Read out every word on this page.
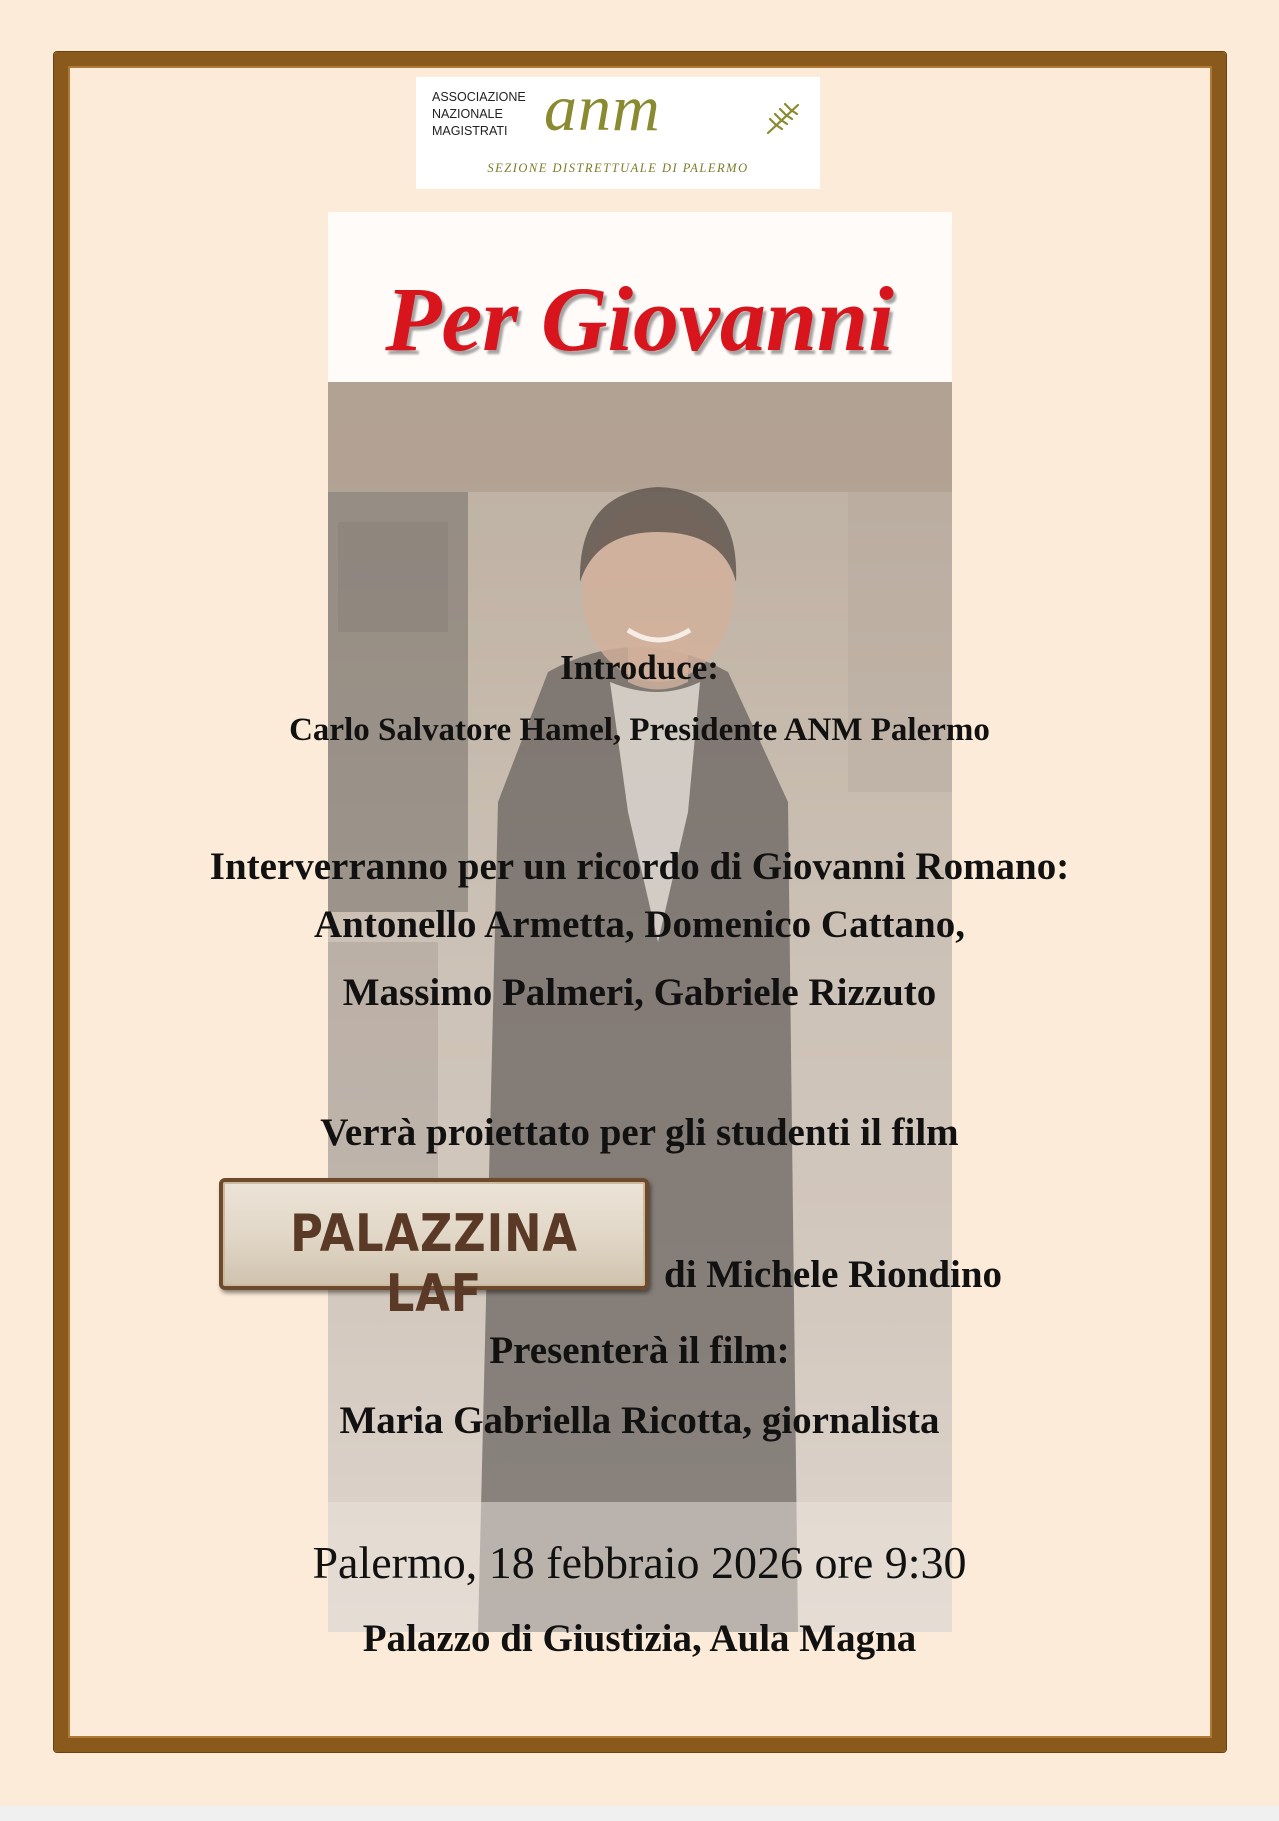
ASSOCIAZIONE
NAZIONALE
MAGISTRATI anm
SEZIONE DISTRETTUALE DI PALERMO
Per Giovanni
Introduce:
Carlo Salvatore Hamel, Presidente ANM Palermo
Interverranno per un ricordo di Giovanni Romano:
Antonello Armetta, Domenico Cattano,
Massimo Palmeri, Gabriele Rizzuto
Verrà proiettato per gli studenti il film
PALAZZINA LAF	di Michele Riondino
Presenterà il film:
Maria Gabriella Ricotta, giornalista
Palermo, 18 febbraio 2026 ore 9:30
Palazzo di Giustizia, Aula Magna
